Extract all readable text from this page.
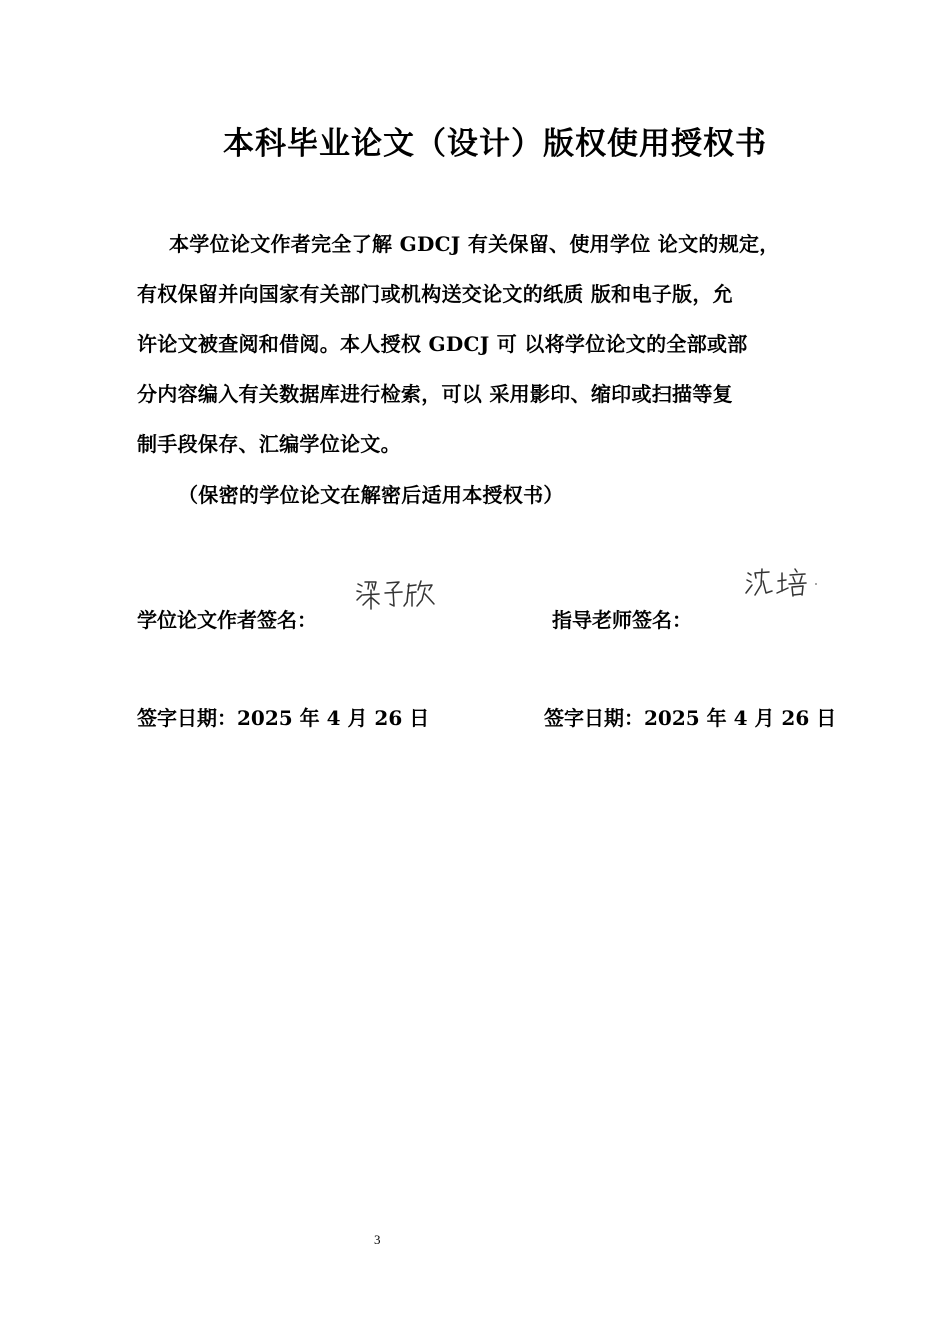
本科毕业论文（设计）版权使用授权书
本学位论文作者完全了解 GDCJ 有关保留、使用学位 论文的规定，
有权保留并向国家有关部门或机构送交论文的纸质 版和电子版，允
许论文被查阅和借阅。本人授权 GDCJ 可 以将学位论文的全部或部
分内容编入有关数据库进行检索，可以 采用影印、缩印或扫描等复
制手段保存、汇编学位论文。
（保密的学位论文在解密后适用本授权书）
学位论文作者签名：	指导老师签名：
签字日期：2025 年 4 月 26 日	签字日期：2025 年 4 月 26 日
3
